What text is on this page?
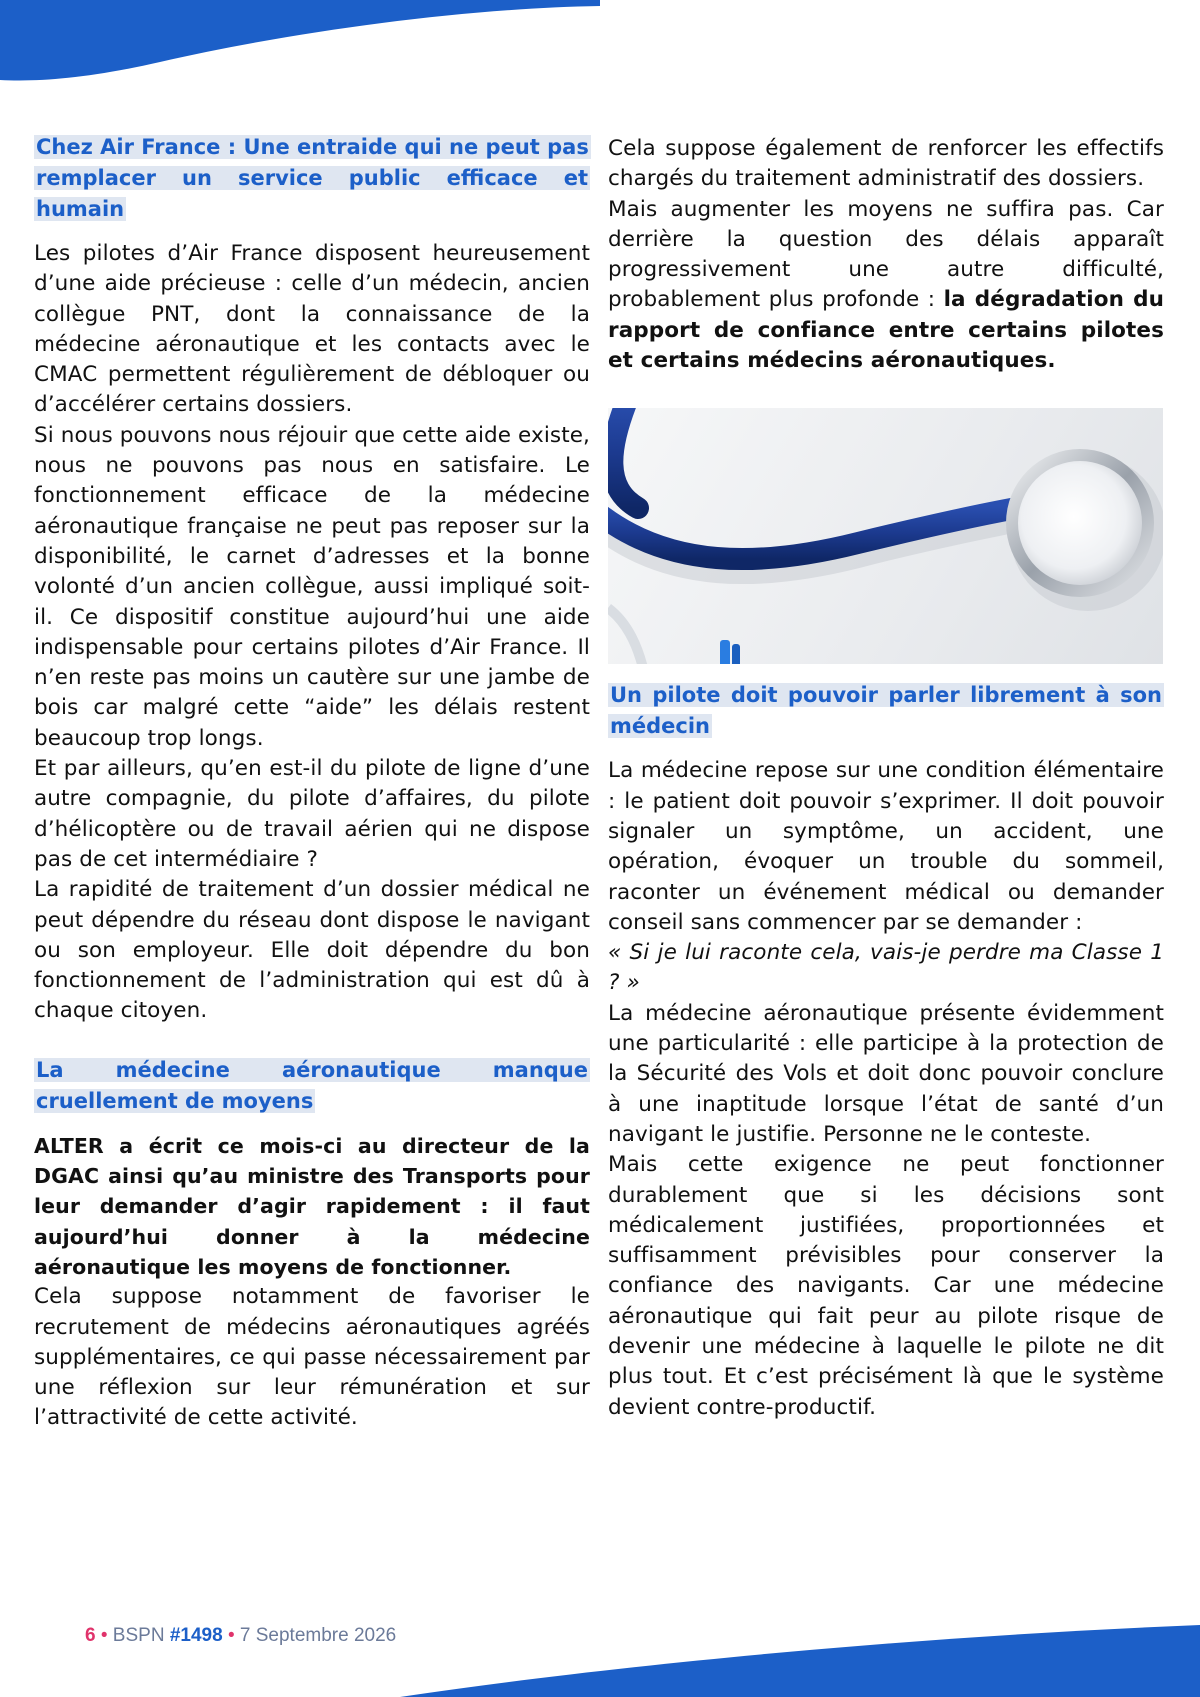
Chez Air France : Une entraide qui ne peut pas remplacer un service public efficace et humain

Les pilotes d’Air France disposent heureusement d’une aide précieuse : celle d’un médecin, ancien collègue PNT, dont la connaissance de la médecine aéronautique et les contacts avec le CMAC permettent régulièrement de débloquer ou d’accélérer certains dossiers.

Si nous pouvons nous réjouir que cette aide existe, nous ne pouvons pas nous en satisfaire. Le fonctionnement efficace de la médecine aéronautique française ne peut pas reposer sur la disponibilité, le carnet d’adresses et la bonne volonté d’un ancien collègue, aussi impliqué soit-il. Ce dispositif constitue aujourd’hui une aide indispensable pour certains pilotes d’Air France. Il n’en reste pas moins un cautère sur une jambe de bois car malgré cette “aide” les délais restent beaucoup trop longs.

Et par ailleurs, qu’en est-il du pilote de ligne d’une autre compagnie, du pilote d’affaires, du pilote d’hélicoptère ou de travail aérien qui ne dispose pas de cet intermédiaire ?

La rapidité de traitement d’un dossier médical ne peut dépendre du réseau dont dispose le navigant ou son employeur. Elle doit dépendre du bon fonctionnement de l’administration qui est dû à chaque citoyen.

La médecine aéronautique manque cruellement de moyens

ALTER a écrit ce mois-ci au directeur de la DGAC ainsi qu’au ministre des Transports pour leur demander d’agir rapidement : il faut aujourd’hui donner à la médecine aéronautique les moyens de fonctionner.

Cela suppose notamment de favoriser le recrutement de médecins aéronautiques agréés supplémentaires, ce qui passe nécessairement par une réflexion sur leur rémunération et sur l’attractivité de cette activité.

Cela suppose également de renforcer les effectifs chargés du traitement administratif des dossiers.

Mais augmenter les moyens ne suffira pas. Car derrière la question des délais apparaît progressivement une autre difficulté, probablement plus profonde : la dégradation du rapport de confiance entre certains pilotes et certains médecins aéronautiques.

Un pilote doit pouvoir parler librement à son médecin

La médecine repose sur une condition élémentaire : le patient doit pouvoir s’exprimer. Il doit pouvoir signaler un symptôme, un accident, une opération, évoquer un trouble du sommeil, raconter un événement médical ou demander conseil sans commencer par se demander :

« Si je lui raconte cela, vais-je perdre ma Classe 1 ? »

La médecine aéronautique présente évidemment une particularité : elle participe à la protection de la Sécurité des Vols et doit donc pouvoir conclure à une inaptitude lorsque l’état de santé d’un navigant le justifie. Personne ne le conteste.

Mais cette exigence ne peut fonctionner durablement que si les décisions sont médicalement justifiées, proportionnées et suffisamment prévisibles pour conserver la confiance des navigants. Car une médecine aéronautique qui fait peur au pilote risque de devenir une médecine à laquelle le pilote ne dit plus tout. Et c’est précisément là que le système devient contre-productif.

6 • BSPN #1498 • 7 Septembre 2026
